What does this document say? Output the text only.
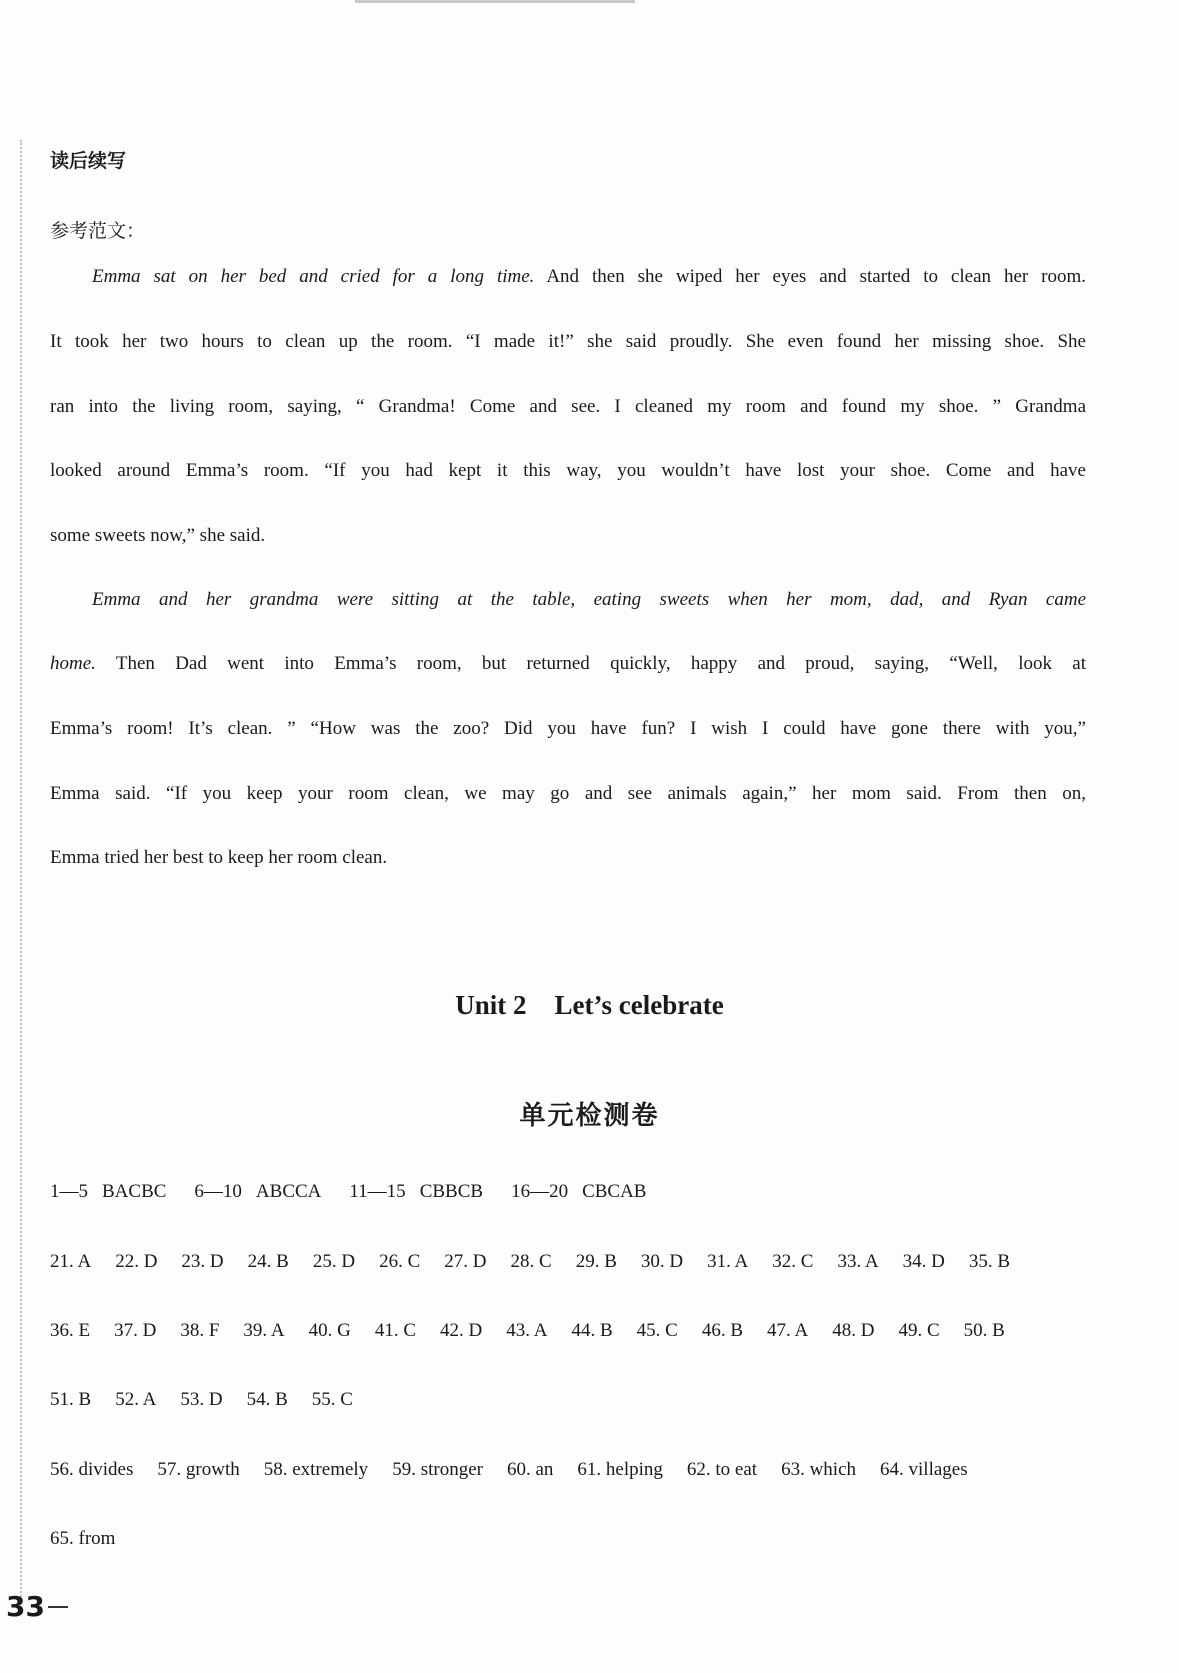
读后续写
参考范文：
Emma sat on her bed and cried for a long time. And then she wiped her eyes and started to clean her room.
It took her two hours to clean up the room. “I made it!” she said proudly. She even found her missing shoe. She
ran into the living room, saying, “ Grandma! Come and see. I cleaned my room and found my shoe. ” Grandma
looked around Emma’s room. “If you had kept it this way, you wouldn’t have lost your shoe. Come and have
some sweets now,” she said.
Emma and her grandma were sitting at the table, eating sweets when her mom, dad, and Ryan came
home. Then Dad went into Emma’s room, but returned quickly, happy and proud, saying, “Well, look at
Emma’s room! It’s clean. ” “How was the zoo? Did you have fun? I wish I could have gone there with you,”
Emma said. “If you keep your room clean, we may go and see animals again,” her mom said. From then on,
Emma tried her best to keep her room clean.
Unit 2 Let’s celebrate
单元检测卷
1—5 BACBC 6—10 ABCCA 11—15 CBBCB 16—20 CBCAB
21. A 22. D 23. D 24. B 25. D 26. C 27. D 28. C 29. B 30. D 31. A 32. C 33. A 34. D 35. B
36. E 37. D 38. F 39. A 40. G 41. C 42. D 43. A 44. B 45. C 46. B 47. A 48. D 49. C 50. B
51. B 52. A 53. D 54. B 55. C
56. divides 57. growth 58. extremely 59. stronger 60. an 61. helping 62. to eat 63. which 64. villages
65. from
33
